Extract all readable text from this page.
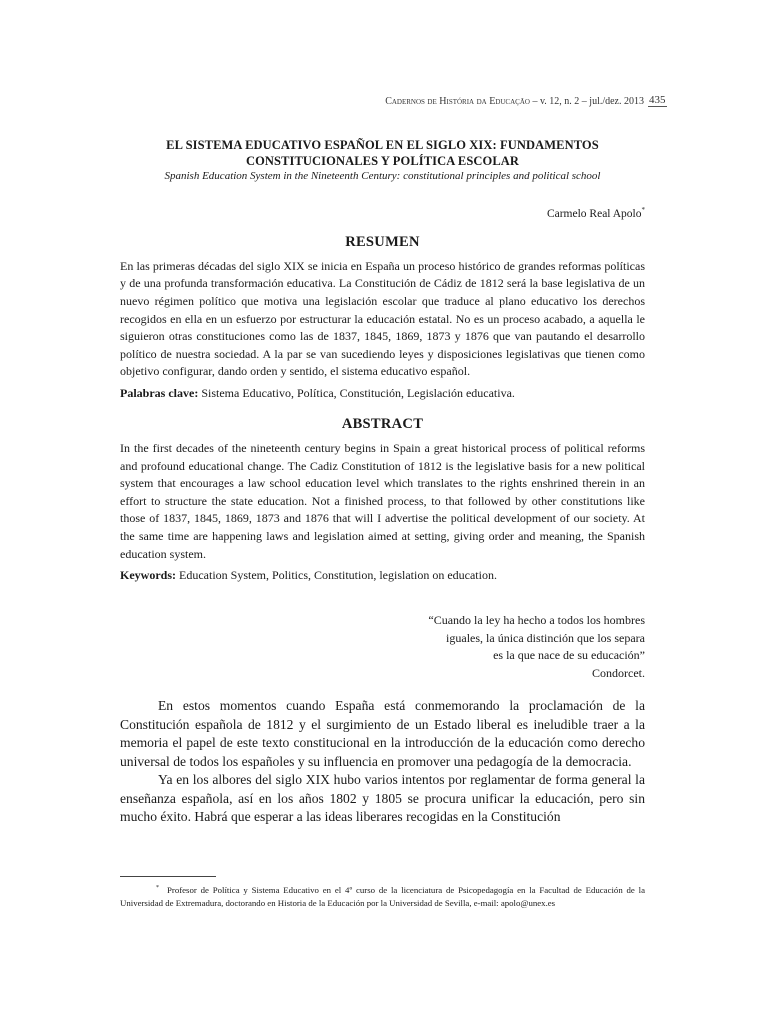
Cadernos de História da Educação – v. 12, n. 2 – jul./dez. 2013 435
EL SISTEMA EDUCATIVO ESPAÑOL EN EL SIGLO XIX: FUNDAMENTOS
CONSTITUCIONALES Y POLÍTICA ESCOLAR
Spanish Education System in the Nineteenth Century: constitutional principles and political school
Carmelo Real Apolo*
RESUMEN

En las primeras décadas del siglo XIX se inicia en España un proceso histórico de grandes reformas políticas y de una profunda transformación educativa. La Constitución de Cádiz de 1812 será la base legislativa de un nuevo régimen político que motiva una legislación escolar que traduce al plano educativo los derechos recogidos en ella en un esfuerzo por estructurar la educación estatal. No es un proceso acabado, a aquella le siguieron otras constituciones como las de 1837, 1845, 1869, 1873 y 1876 que van pautando el desarrollo político de nuestra sociedad. A la par se van sucediendo leyes y disposiciones legislativas que tienen como objetivo configurar, dando orden y sentido, el sistema educativo español.

Palabras clave: Sistema Educativo, Política, Constitución, Legislación educativa.
ABSTRACT

In the first decades of the nineteenth century begins in Spain a great historical process of political reforms and profound educational change. The Cadiz Constitution of 1812 is the legislative basis for a new political system that encourages a law school education level which translates to the rights enshrined therein in an effort to structure the state education. Not a finished process, to that followed by other constitutions like those of 1837, 1845, 1869, 1873 and 1876 that will I advertise the political development of our society. At the same time are happening laws and legislation aimed at setting, giving order and meaning, the Spanish education system.

Keywords: Education System, Politics, Constitution, legislation on education.
“Cuando la ley ha hecho a todos los hombres
iguales, la única distinción que los separa
es la que nace de su educación”
Condorcet.

En estos momentos cuando España está conmemorando la proclamación de la Constitución española de 1812 y el surgimiento de un Estado liberal es ineludible traer a la memoria el papel de este texto constitucional en la introducción de la educación como derecho universal de todos los españoles y su influencia en promover una pedagogía de la democracia.

Ya en los albores del siglo XIX hubo varios intentos por reglamentar de forma general la enseñanza española, así en los años 1802 y 1805 se procura unificar la educación, pero sin mucho éxito. Habrá que esperar a las ideas liberares recogidas en la Constitución

* Profesor de Política y Sistema Educativo en el 4º curso de la licenciatura de Psicopedagogía en la Facultad de Educación de la Universidad de Extremadura, doctorando en Historia de la Educación por la Universidad de Sevilla, e-mail: apolo@unex.es
